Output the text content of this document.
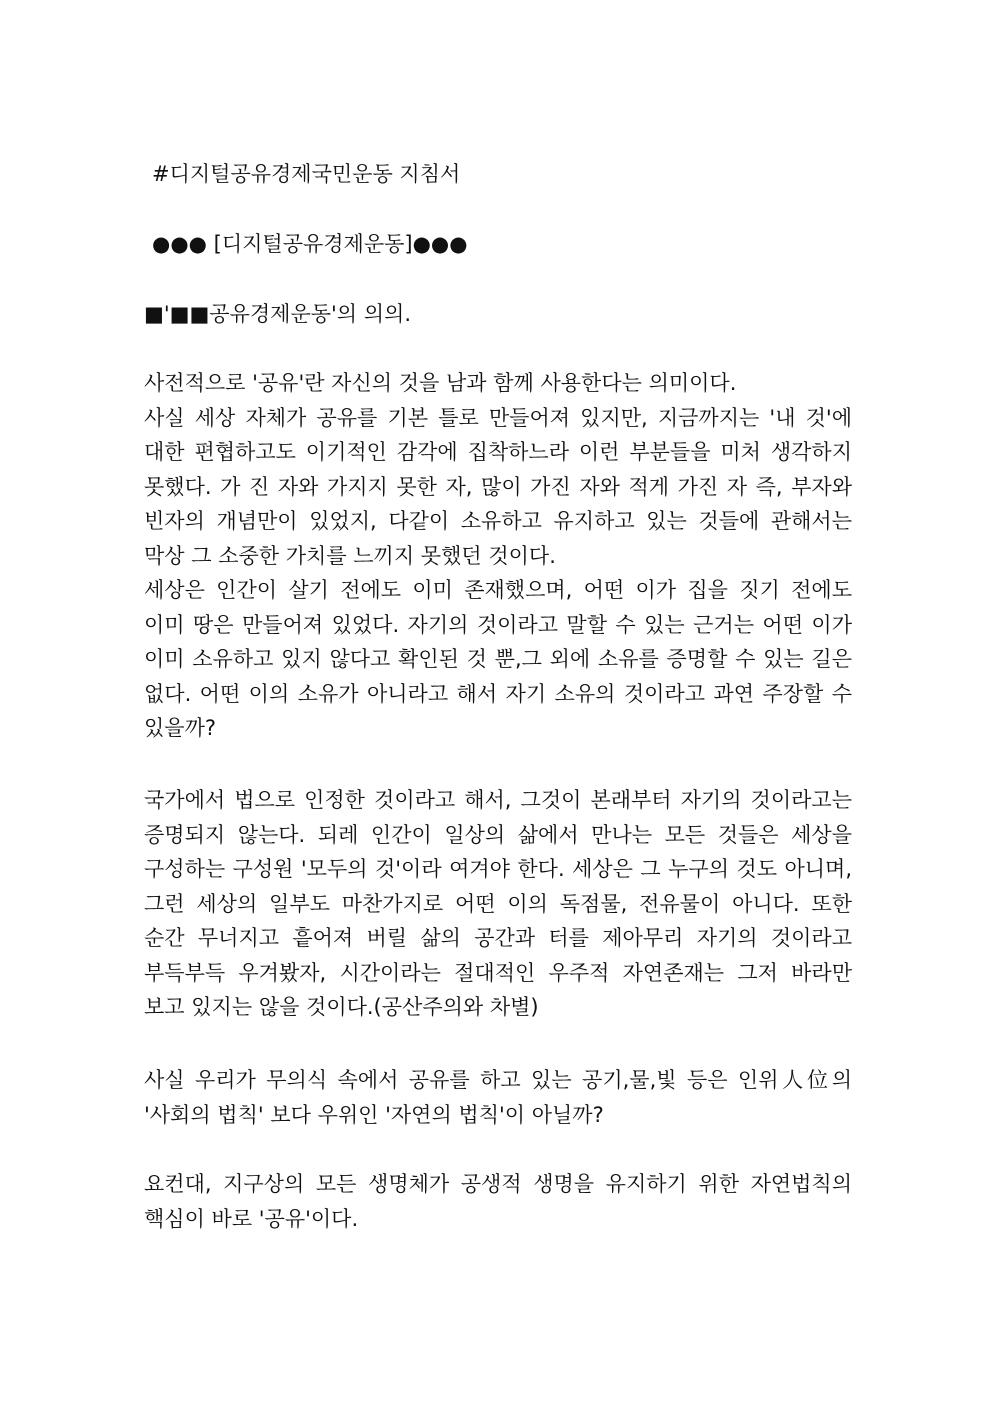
#디지털공유경제국민운동 지침서
●●● [디지털공유경제운동]●●●
■'■■공유경제운동'의 의의.

사전적으로 '공유'란 자신의 것을 남과 함께 사용한다는 의미이다.

사실 세상 자체가 공유를 기본 틀로 만들어져 있지만, 지금까지는 '내 것'에 대한 편협하고도 이기적인 감각에 집착하느라 이런 부분들을 미처 생각하지 못했다. 가 진 자와 가지지 못한 자, 많이 가진 자와 적게 가진 자 즉, 부자와 빈자의 개념만이 있었지, 다같이 소유하고 유지하고 있는 것들에 관해서는 막상 그 소중한 가치를 느끼지 못했던 것이다.

세상은 인간이 살기 전에도 이미 존재했으며, 어떤 이가 집을 짓기 전에도 이미 땅은 만들어져 있었다. 자기의 것이라고 말할 수 있는 근거는 어떤 이가 이미 소유하고 있지 않다고 확인된 것 뿐,그 외에 소유를 증명할 수 있는 길은 없다. 어떤 이의 소유가 아니라고 해서 자기 소유의 것이라고 과연 주장할 수 있을까?

국가에서 법으로 인정한 것이라고 해서, 그것이 본래부터 자기의 것이라고는 증명되지 않는다. 되레 인간이 일상의 삶에서 만나는 모든 것들은 세상을 구성하는 구성원 '모두의 것'이라 여겨야 한다. 세상은 그 누구의 것도 아니며, 그런 세상의 일부도 마찬가지로 어떤 이의 독점물, 전유물이 아니다. 또한 순간 무너지고 흩어져 버릴 삶의 공간과 터를 제아무리 자기의 것이라고 부득부득 우겨봤자, 시간이라는 절대적인 우주적 자연존재는 그저 바라만 보고 있지는 않을 것이다.(공산주의와 차별)

사실 우리가 무의식 속에서 공유를 하고 있는 공기,물,빛 등은 인위人位의 '사회의 법칙' 보다 우위인 '자연의 법칙'이 아닐까?

요컨대, 지구상의 모든 생명체가 공생적 생명을 유지하기 위한 자연법칙의 핵심이 바로 '공유'이다.
